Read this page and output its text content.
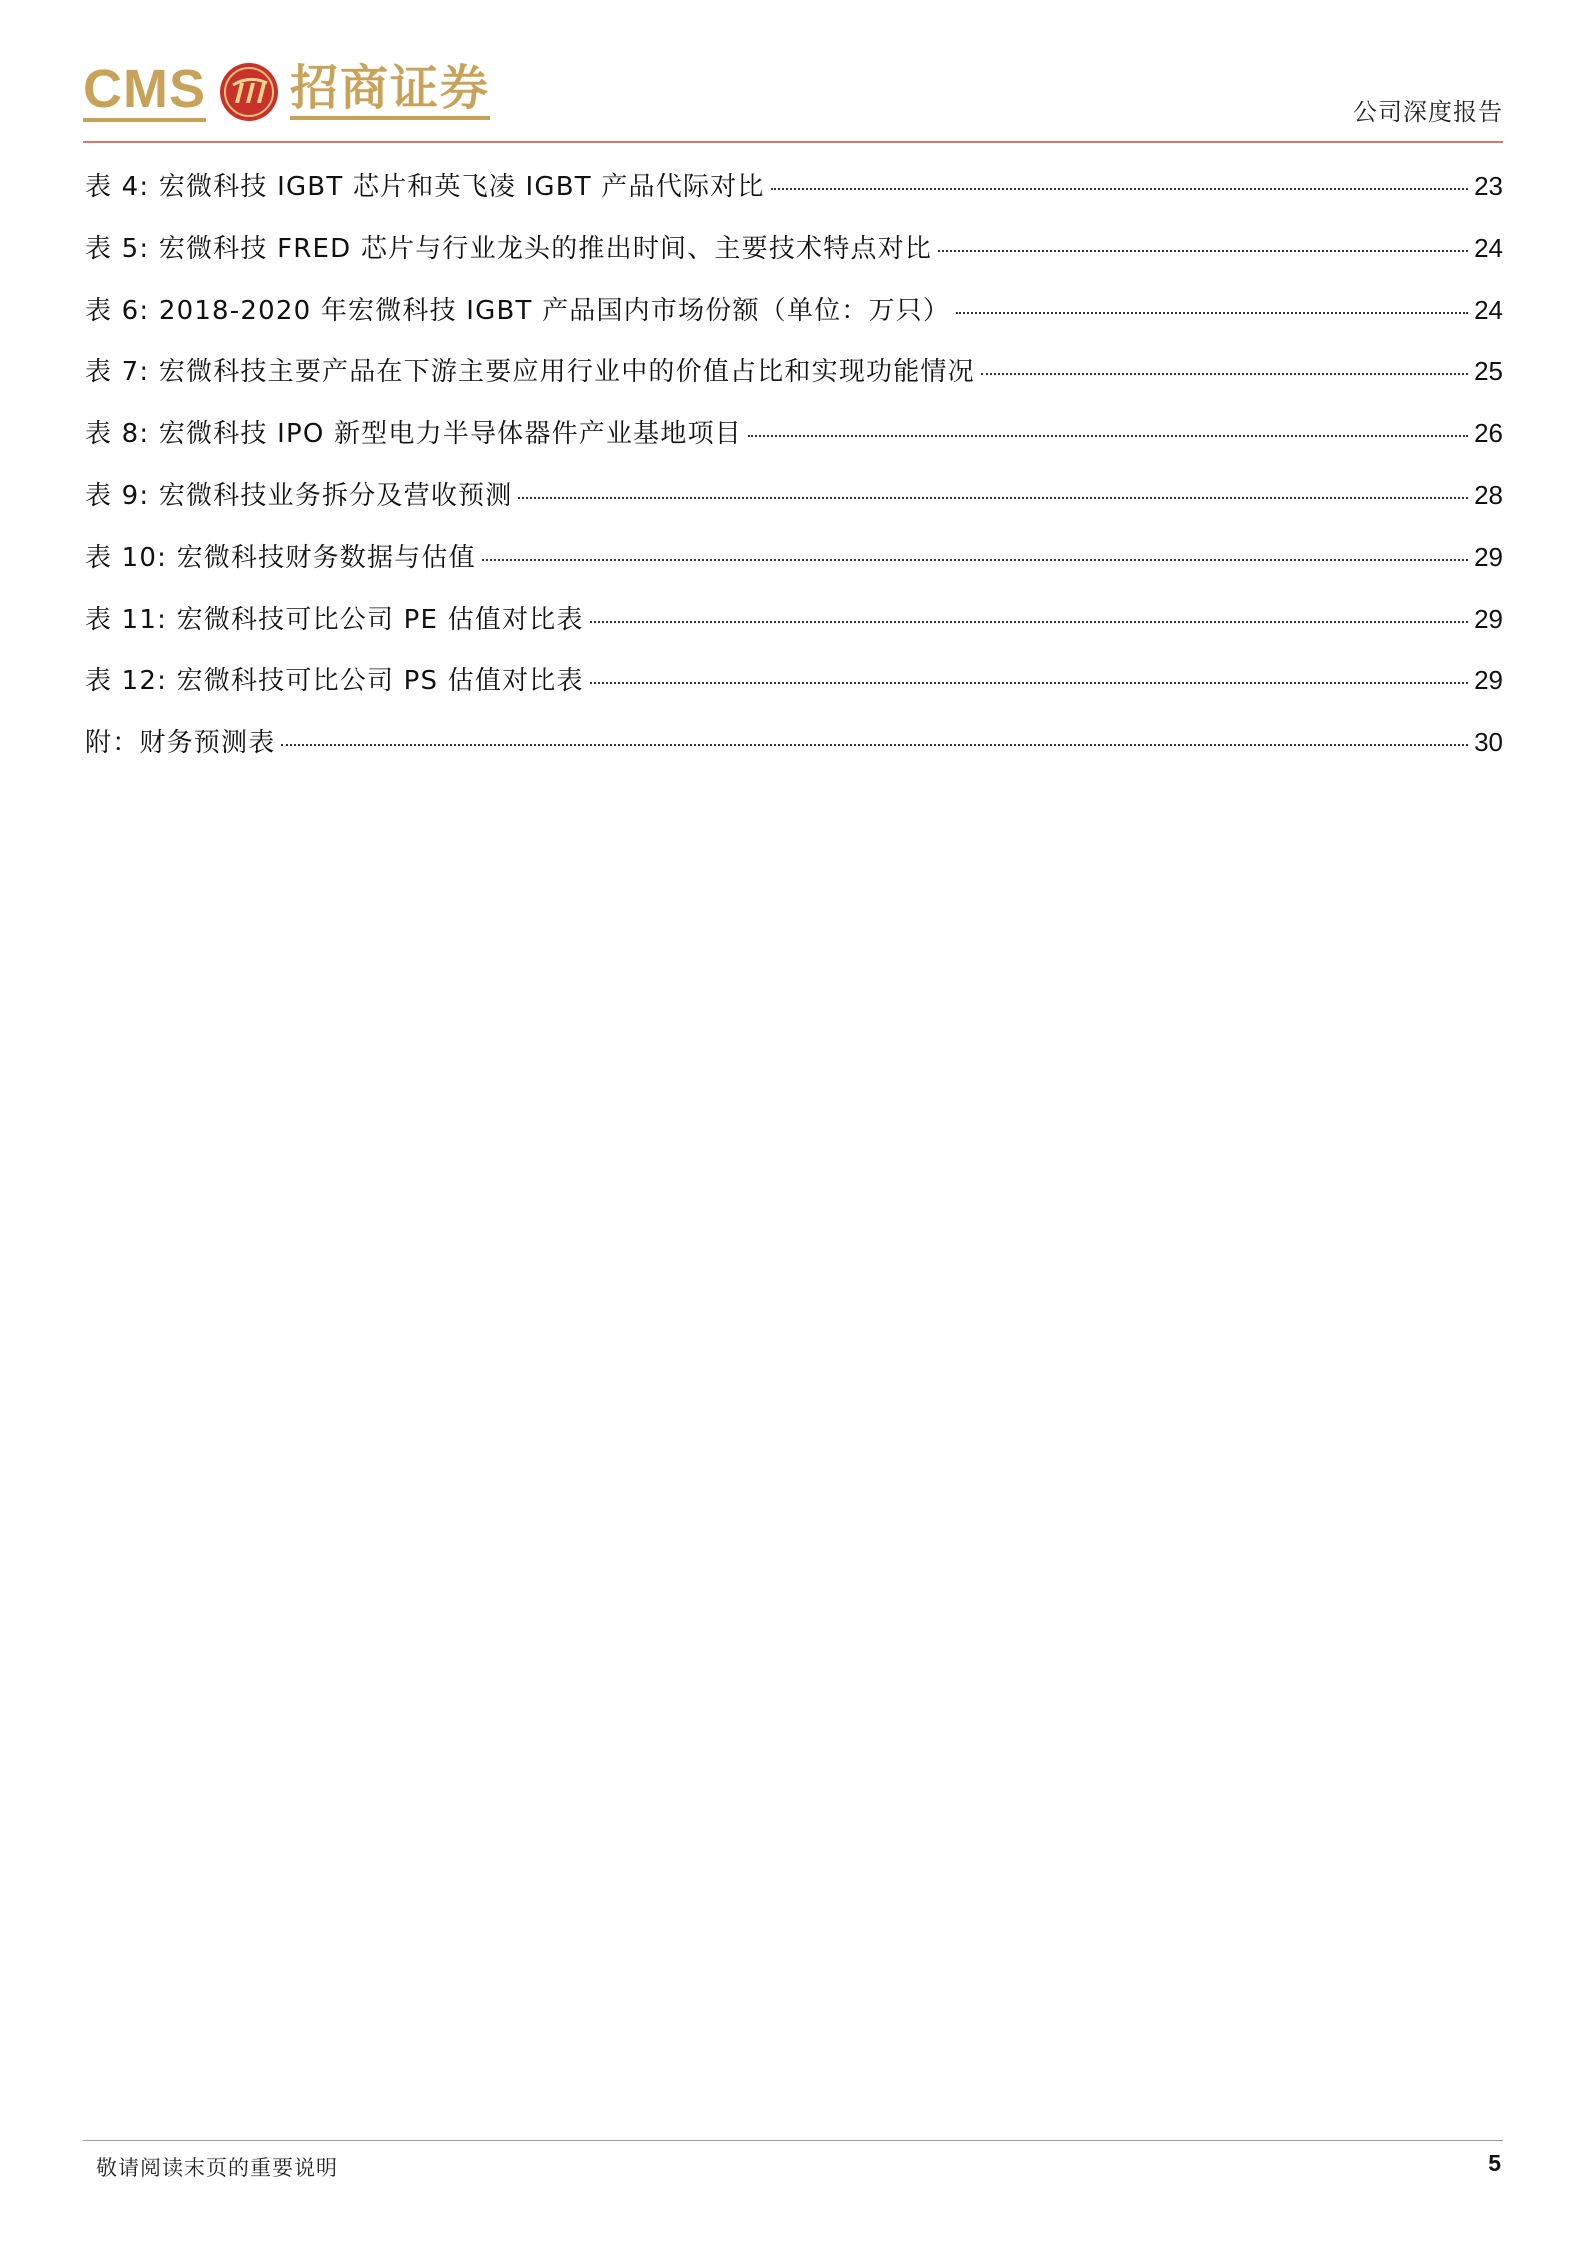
CMS 招商证券	公司深度报告
表 4: 宏微科技 IGBT 芯片和英飞凌 IGBT 产品代际对比	23
表 5: 宏微科技 FRED 芯片与行业龙头的推出时间、主要技术特点对比	24
表 6: 2018-2020 年宏微科技 IGBT 产品国内市场份额（单位：万只）	24
表 7: 宏微科技主要产品在下游主要应用行业中的价值占比和实现功能情况	25
表 8: 宏微科技 IPO 新型电力半导体器件产业基地项目	26
表 9: 宏微科技业务拆分及营收预测	28
表 10: 宏微科技财务数据与估值	29
表 11: 宏微科技可比公司 PE 估值对比表	29
表 12: 宏微科技可比公司 PS 估值对比表	29
附：财务预测表	30
敬请阅读末页的重要说明	5
